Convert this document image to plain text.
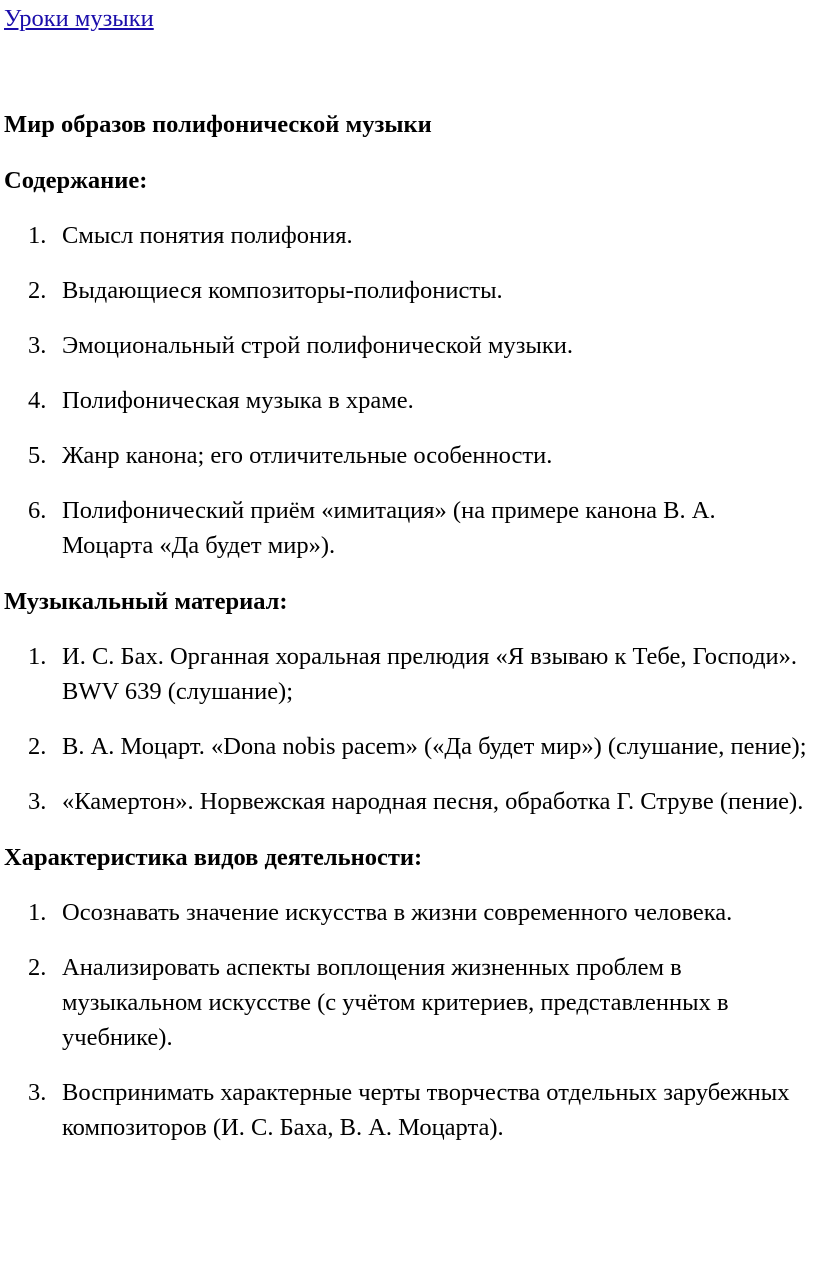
Уроки музыки
Мир образов полифонической музыки
Содержание:
1. Смысл понятия полифония.
2. Выдающиеся композиторы-полифонисты.
3. Эмоциональный строй полифонической музыки.
4. Полифоническая музыка в храме.
5. Жанр канона; его отличительные особенности.
6. Полифонический приём «имитация» (на примере канона В. А. Моцарта «Да будет мир»).
Музыкальный материал:
1. И. С. Бах. Органная хоральная прелюдия «Я взываю к Тебе, Господи». BWV 639 (слушание);
2. В. А. Моцарт. «Dona nobis pacem» («Да будет мир») (слушание, пение);
3. «Камертон». Норвежская народная песня, обработка Г. Струве (пение).
Характеристика видов деятельности:
1. Осознавать значение искусства в жизни современного человека.
2. Анализировать аспекты воплощения жизненных проблем в музыкальном искусстве (с учётом критериев, представленных в учебнике).
3. Воспринимать характерные черты творчества отдельных зарубежных композиторов (И. С. Баха, В. А. Моцарта).
